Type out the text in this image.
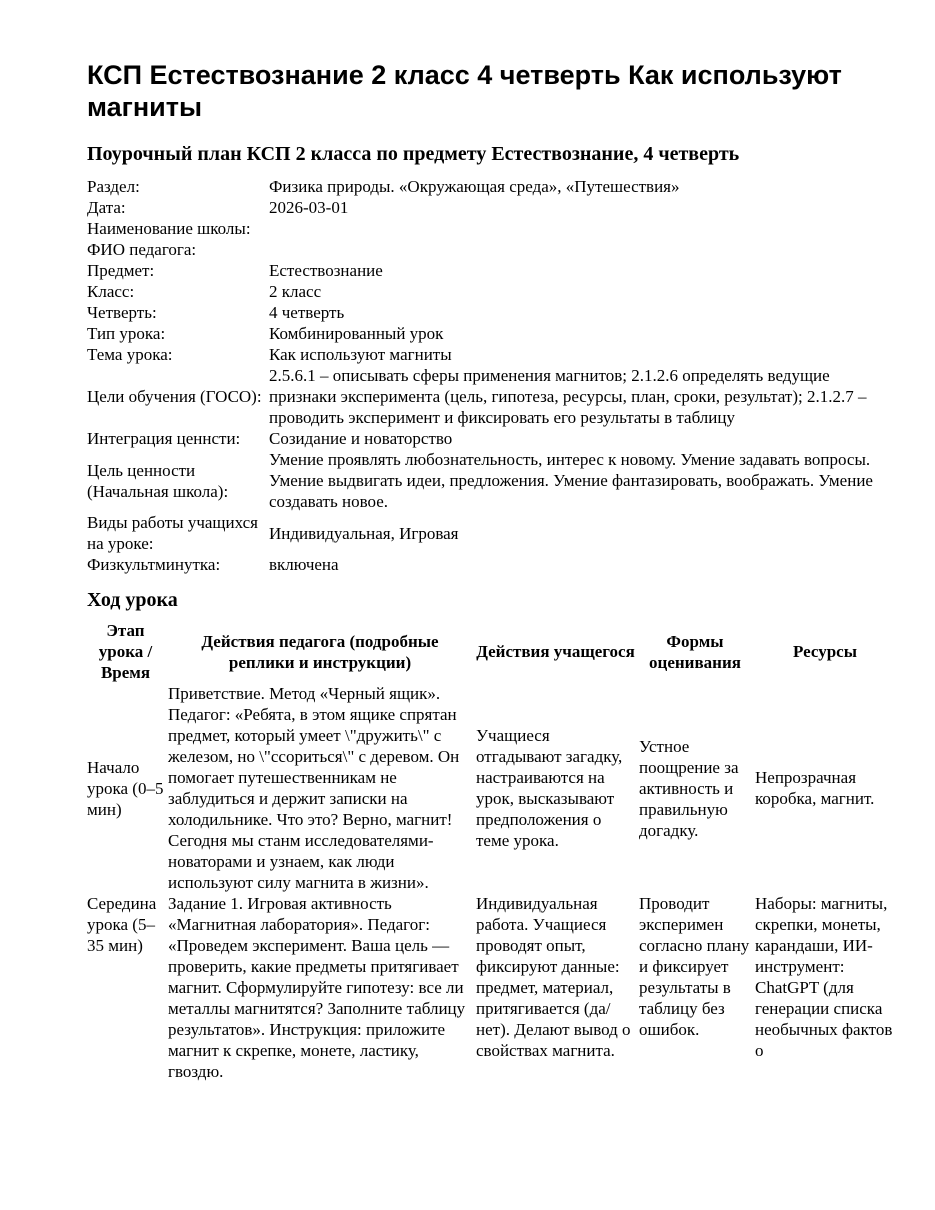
КСП Естествознание 2 класс 4 четверть Как используют магниты
Поурочный план КСП 2 класса по предмету Естествознание, 4 четверть
Раздел:	Физика природы. «Окружающая среда», «Путешествия»
Дата:	2026-03-01
Наименование школы:	
ФИО педагога:	
Предмет:	Естествознание
Класс:	2 класс
Четверть:	4 четверть
Тип урока:	Комбинированный урок
Тема урока:	Как используют магниты
Цели обучения (ГОСО):	2.5.6.1 – описывать сферы применения магнитов; 2.1.2.6 определять ведущие признаки эксперимента (цель, гипотеза, ресурсы, план, сроки, результат); 2.1.2.7 – проводить эксперимент и фиксировать его результаты в таблицу
Интеграция ценнсти:	Созидание и новаторство
Цель ценности (Начальная школа):	Умение проявлять любознательность, интерес к новому. Умение задавать вопросы. Умение выдвигать идеи, предложения. Умение фантазировать, воображать. Умение создавать новое.
Виды работы учащихся на уроке:	Индивидуальная, Игровая
Физкультминутка:	включена
Ход урока
Этап урока / Время	Действия педагога (подробные реплики и инструкции)	Действия учащегося	Формы оценивания	Ресурсы
Начало урока (0–5 мин)	Приветствие. Метод «Черный ящик». Педагог: «Ребята, в этом ящике спрятан предмет, который умеет \"дружить\" с железом, но \"ссориться\" с деревом. Он помогает путешественникам не заблудиться и держит записки на холодильнике. Что это? Верно, магнит! Сегодня мы станм исследователями-новаторами и узнаем, как люди используют силу магнита в жизни».	Учащиеся отгадывают загадку, настраиваются на урок, высказывают предположения о теме урока.	Устное поощрение за активность и правильную догадку.	Непрозрачная коробка, магнит.
Середина урока (5–35 мин)	Задание 1. Игровая активность «Магнитная лаборатория». Педагог: «Проведем эксперимент. Ваша цель — проверить, какие предметы притягивает магнит. Сформулируйте гипотезу: все ли металлы магнитятся? Заполните таблицу результатов». Инструкция: приложите магнит к скрепке, монете, ластику, гвоздю.	Индивидуальная работа. Учащиеся проводят опыт, фиксируют данные: предмет, материал, притягивается (да/нет). Делают вывод о свойствах магнита.	Проводит эксперимен согласно плану и фиксирует результаты в таблицу без ошибок.	Наборы: магниты, скрепки, монеты, карандаши, ИИ-инструмент: ChatGPT (для генерации списка необычных фактов о
